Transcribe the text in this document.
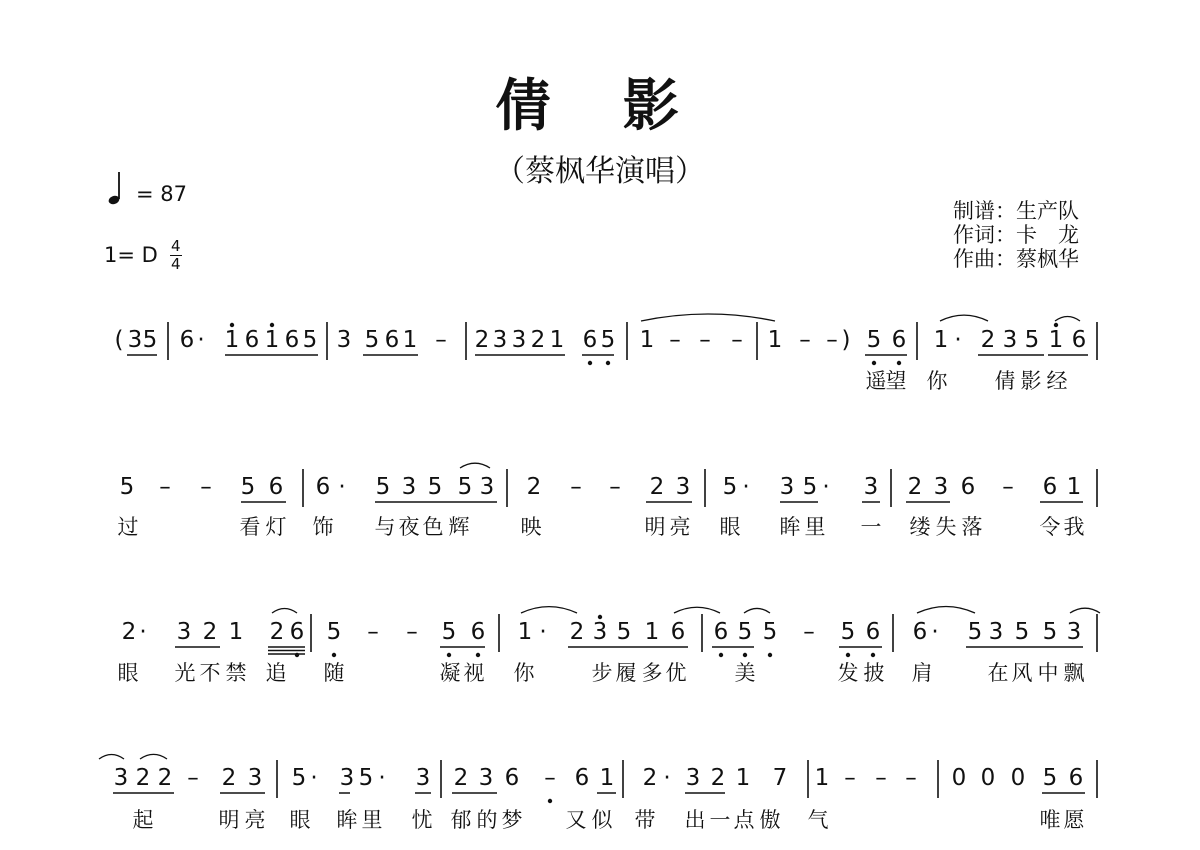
倩 影
（蔡枫华演唱）
= 87
1= D 4
4
制谱：生产队
作词：卡　龙
作曲：蔡枫华
( 3 5 6 · 1 6 1 6 5 3 5 6 1 – 2 3 3 2 1 6 5 1 – – – 1 – – ) 5 6 1 · 2 3 5 1 6
遥 望 你 倩 影 经
5 – – 5 6 6 · 5 3 5 5 3 2 – – 2 3 5 · 3 5 · 3 2 3 6 – 6 1
过	看 灯 饰 与 夜 色 辉 映	明 亮 眼 眸 里 一 缕 失 落	令 我
2 · 3 2 1 2 6 5 – – 5 6 1 · 2 3 5 1 6 6 5 5 – 5 6 6 · 5 3 5 5 3
眼 光 不 禁 追 随	凝 视 你	步 履 多 优 美	发 披 肩	在 风 中 飘
3 2 2 – 2 3 5 · 3 5 · 3 2 3 6 – 6 1 2 · 3 2 1 7 1 – – – 0 0 0 5 6
起	明 亮 眼 眸 里 忧 郁 的 梦 又 似 带 出 一 点 傲 气	唯 愿
